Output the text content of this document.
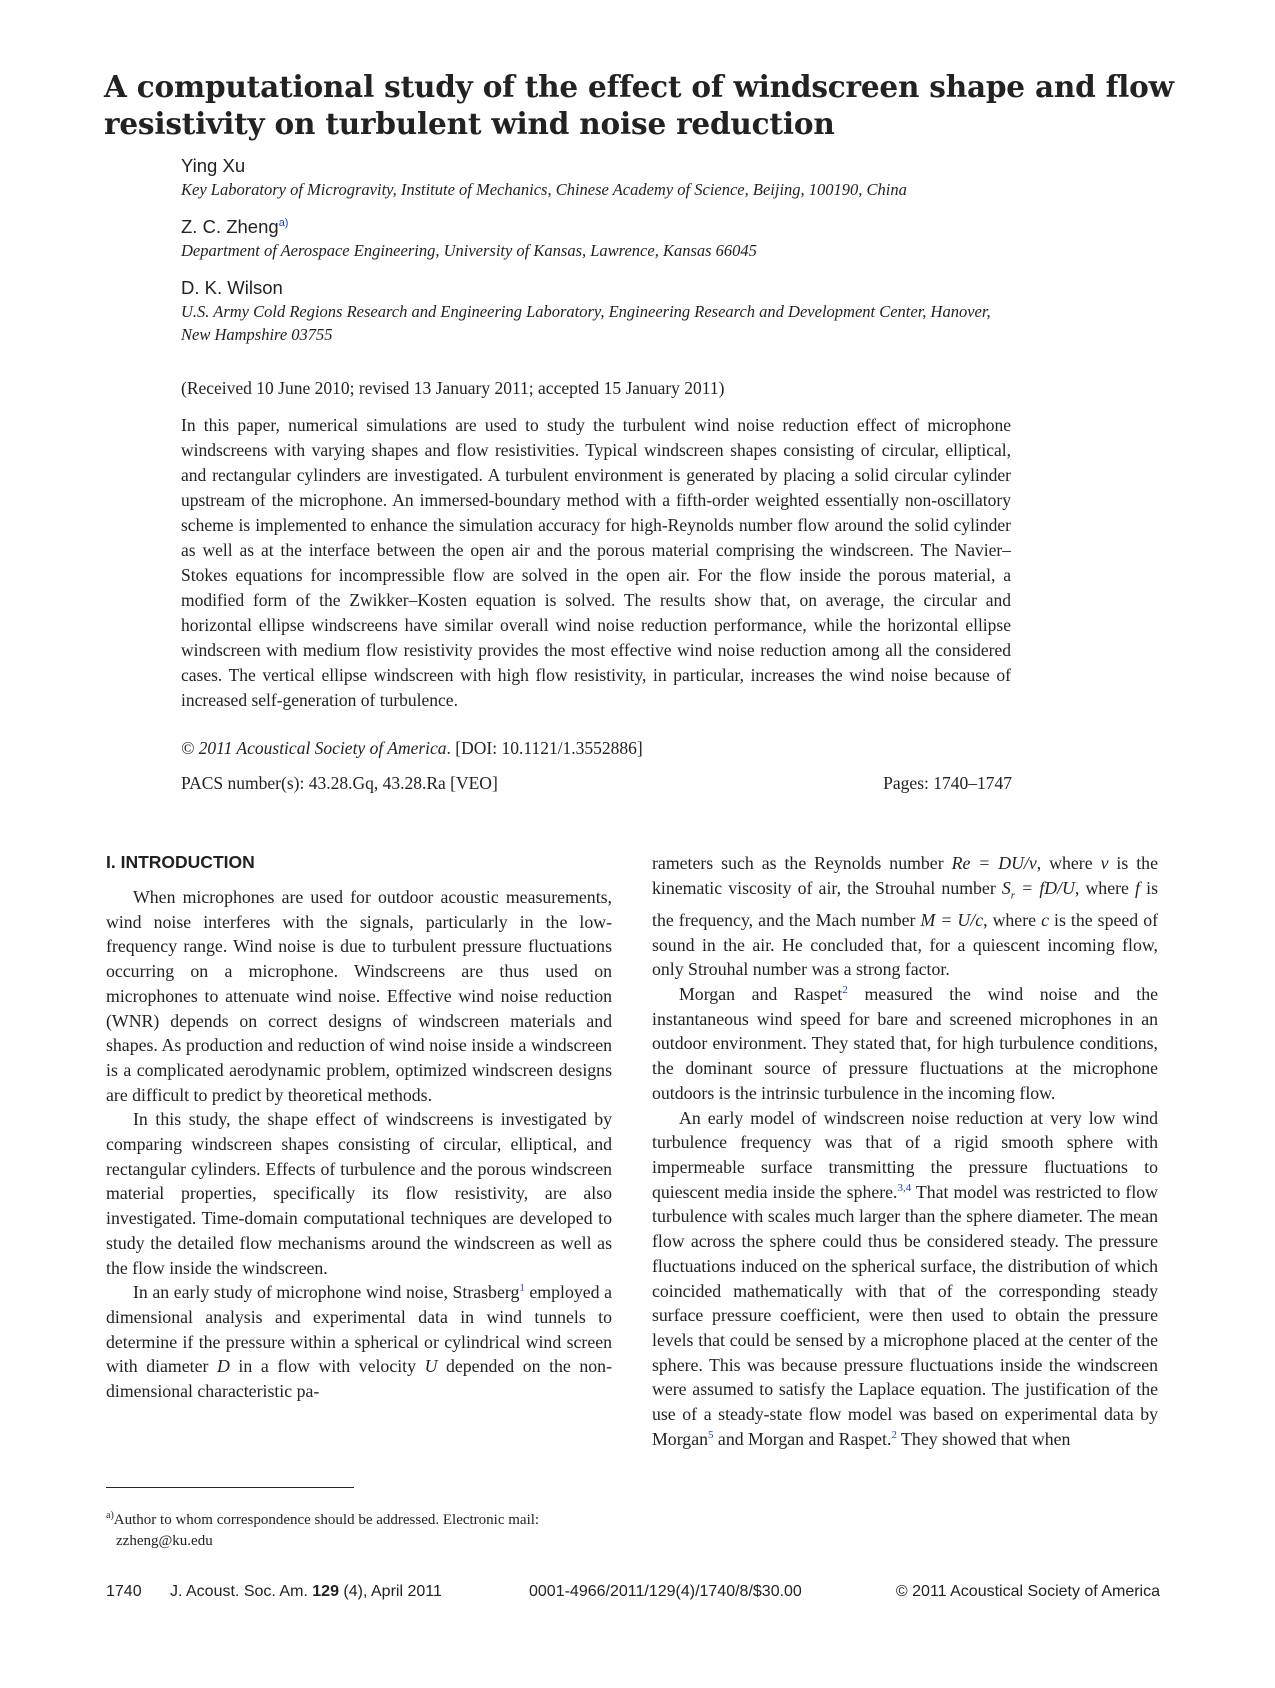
A computational study of the effect of windscreen shape and flow resistivity on turbulent wind noise reduction
Ying Xu
Key Laboratory of Microgravity, Institute of Mechanics, Chinese Academy of Science, Beijing, 100190, China
Z. C. Zheng$^{a)}$
Department of Aerospace Engineering, University of Kansas, Lawrence, Kansas 66045
D. K. Wilson
U.S. Army Cold Regions Research and Engineering Laboratory, Engineering Research and Development Center, Hanover, New Hampshire 03755
(Received 10 June 2010; revised 13 January 2011; accepted 15 January 2011)

In this paper, numerical simulations are used to study the turbulent wind noise reduction effect of microphone windscreens with varying shapes and flow resistivities. Typical windscreen shapes consisting of circular, elliptical, and rectangular cylinders are investigated. A turbulent environment is generated by placing a solid circular cylinder upstream of the microphone. An immersed-boundary method with a fifth-order weighted essentially non-oscillatory scheme is implemented to enhance the simulation accuracy for high-Reynolds number flow around the solid cylinder as well as at the interface between the open air and the porous material comprising the windscreen. The Navier–Stokes equations for incompressible flow are solved in the open air. For the flow inside the porous material, a modified form of the Zwikker–Kosten equation is solved. The results show that, on average, the circular and horizontal ellipse windscreens have similar overall wind noise reduction performance, while the horizontal ellipse windscreen with medium flow resistivity provides the most effective wind noise reduction among all the considered cases. The vertical ellipse windscreen with high flow resistivity, in particular, increases the wind noise because of increased self-generation of turbulence.

© 2011 Acoustical Society of America. [DOI: 10.1121/1.3552886]
PACS number(s): 43.28.Gq, 43.28.Ra [VEO]	Pages: 1740–1747
I. INTRODUCTION

When microphones are used for outdoor acoustic measurements, wind noise interferes with the signals, particularly in the low-frequency range. Wind noise is due to turbulent pressure fluctuations occurring on a microphone. Windscreens are thus used on microphones to attenuate wind noise. Effective wind noise reduction (WNR) depends on correct designs of windscreen materials and shapes. As production and reduction of wind noise inside a windscreen is a complicated aerodynamic problem, optimized windscreen designs are difficult to predict by theoretical methods.

In this study, the shape effect of windscreens is investigated by comparing windscreen shapes consisting of circular, elliptical, and rectangular cylinders. Effects of turbulence and the porous windscreen material properties, specifically its flow resistivity, are also investigated. Time-domain computational techniques are developed to study the detailed flow mechanisms around the windscreen as well as the flow inside the windscreen.

In an early study of microphone wind noise, Strasberg$^1$ employed a dimensional analysis and experimental data in wind tunnels to determine if the pressure within a spherical or cylindrical wind screen with diameter D in a flow with velocity U depended on the non-dimensional characteristic pa-

rameters such as the Reynolds number Re = DU/ν, where ν is the kinematic viscosity of air, the Strouhal number $S_r = fD/U$, where f is the frequency, and the Mach number M = U/c, where c is the speed of sound in the air. He concluded that, for a quiescent incoming flow, only Strouhal number was a strong factor.

Morgan and Raspet$^2$ measured the wind noise and the instantaneous wind speed for bare and screened microphones in an outdoor environment. They stated that, for high turbulence conditions, the dominant source of pressure fluctuations at the microphone outdoors is the intrinsic turbulence in the incoming flow.

An early model of windscreen noise reduction at very low wind turbulence frequency was that of a rigid smooth sphere with impermeable surface transmitting the pressure fluctuations to quiescent media inside the sphere.$^{3,4}$ That model was restricted to flow turbulence with scales much larger than the sphere diameter. The mean flow across the sphere could thus be considered steady. The pressure fluctuations induced on the spherical surface, the distribution of which coincided mathematically with that of the corresponding steady surface pressure coefficient, were then used to obtain the pressure levels that could be sensed by a microphone placed at the center of the sphere. This was because pressure fluctuations inside the windscreen were assumed to satisfy the Laplace equation. The justification of the use of a steady-state flow model was based on experimental data by Morgan$^5$ and Morgan and Raspet.$^2$ They showed that when

$^{a)}$Author to whom correspondence should be addressed. Electronic mail:
zzheng@ku.edu
1740 J. Acoust. Soc. Am. 129 (4), April 2011	0001-4966/2011/129(4)/1740/8/$30.00	© 2011 Acoustical Society of America
